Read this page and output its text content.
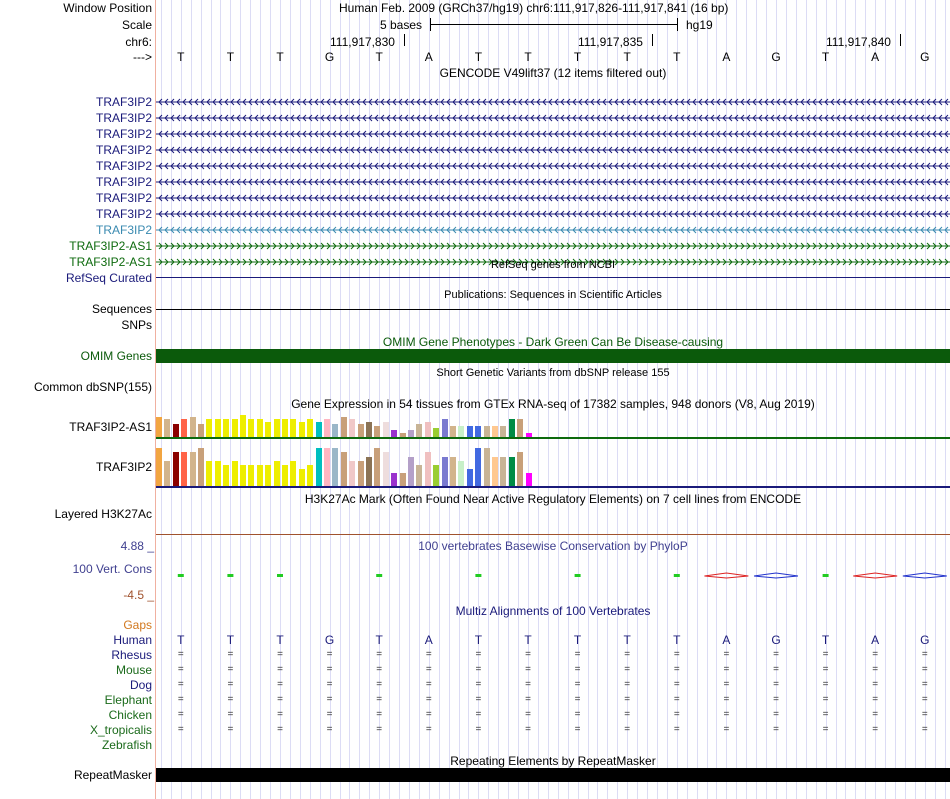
Window Position	Human Feb. 2009 (GRCh37/hg19) chr6:111,917,826-111,917,841 (16 bp)
Scale	5 bases	hg19
chr6:	111,917,830	111,917,835	111,917,840
---> T	T	T	G	T	A	T	T	T	T	T	A	G	T	A	G
GENCODE V49lift37 (12 items filtered out)
TRAF3IP2
TRAF3IP2
TRAF3IP2
TRAF3IP2
TRAF3IP2
TRAF3IP2
TRAF3IP2
TRAF3IP2
TRAF3IP2
TRAF3IP2-AS1
TRAF3IP2-AS1	RefSeq genes from NCBI
RefSeq Curated
Publications: Sequences in Scientific Articles
Sequences
SNPs
OMIM Gene Phenotypes - Dark Green Can Be Disease-causing
OMIM Genes
Short Genetic Variants from dbSNP release 155
Common dbSNP(155)
Gene Expression in 54 tissues from GTEx RNA-seq of 17382 samples, 948 donors (V8, Aug 2019)
TRAF3IP2-AS1
TRAF3IP2
H3K27Ac Mark (Often Found Near Active Regulatory Elements) on 7 cell lines from ENCODE
Layered H3K27Ac
100 vertebrates Basewise Conservation by PhyloP
4.88 _
100 Vert. Cons
-4.5 _
Multiz Alignments of 100 Vertebrates
Gaps
Human T	T	T	G	T	A	T	T	T	T	T	A	G	T	A	G
Rhesus	=	=	=	=	=	=	=	=	=	=	=	=	=	=	=	=
Mouse	=	=	=	=	=	=	=	=	=	=	=	=	=	=	=	=
Dog	=	=	=	=	=	=	=	=	=	=	=	=	=	=	=	=
Elephant	=	=	=	=	=	=	=	=	=	=	=	=	=	=	=	=
Chicken	=	=	=	=	=	=	=	=	=	=	=	=	=	=	=	=
X_tropicalis	=	=	=	=	=	=	=	=	=	=	=	=	=	=	=	=
Zebrafish
Repeating Elements by RepeatMasker
RepeatMasker
